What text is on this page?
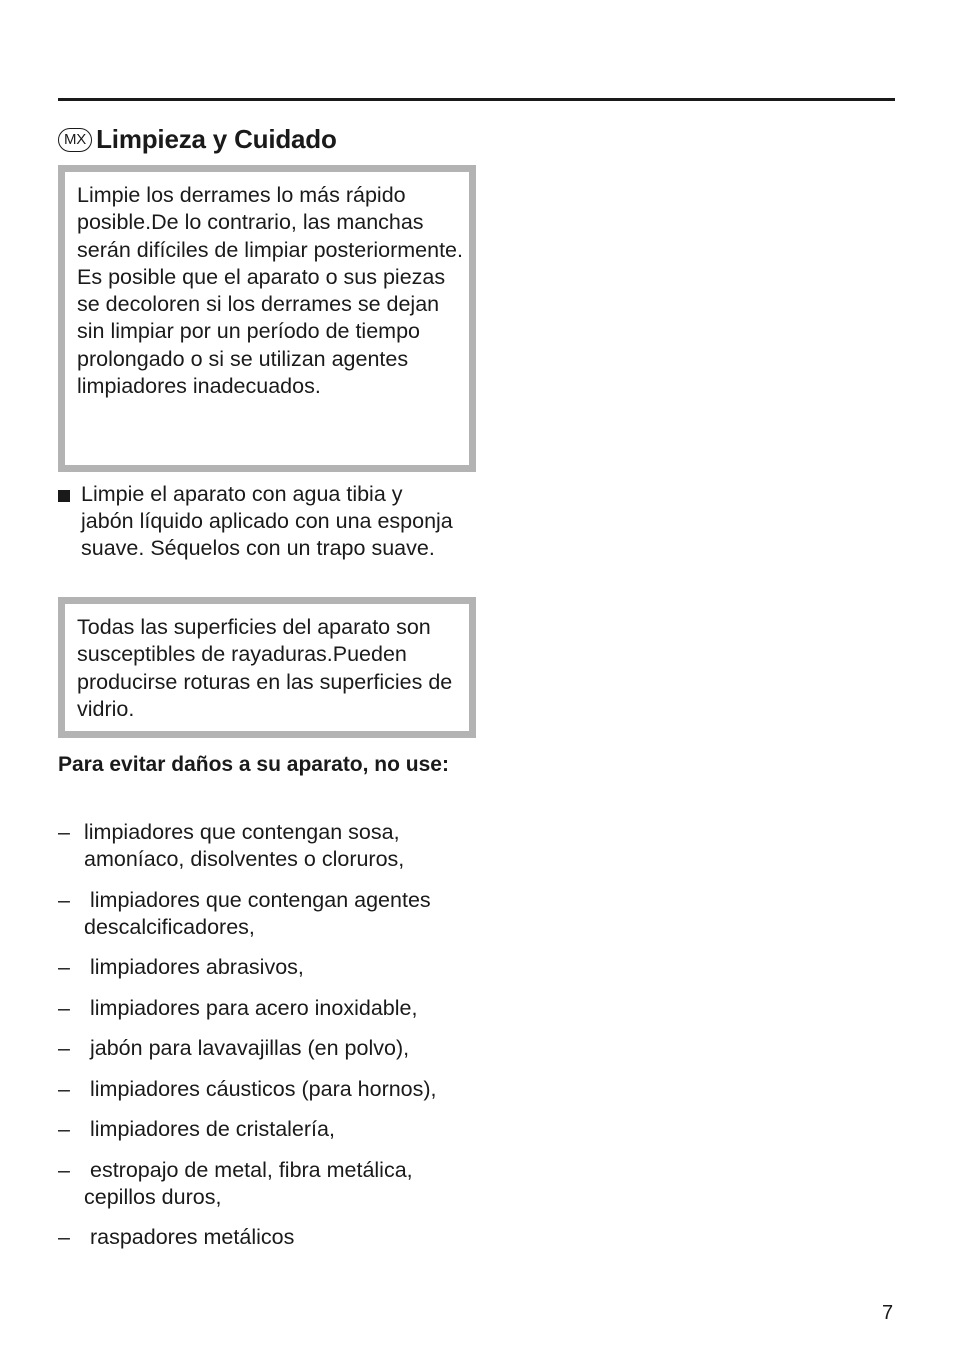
MX Limpieza y Cuidado

Limpie los derrames lo más rápido posible.De lo contrario, las manchas serán difíciles de limpiar posteriormente.

Es posible que el aparato o sus piezas se decoloren si los derrames se dejan sin limpiar por un período de tiempo prolongado o si se utilizan agentes limpiadores inadecuados.

Limpie el aparato con agua tibia y jabón líquido aplicado con una esponja suave. Séquelos con un trapo suave.

Todas las superficies del aparato son susceptibles de rayaduras.Pueden producirse roturas en las superficies de vidrio.

Para evitar daños a su aparato, no use:
– limpiadores que contengan sosa, amoníaco, disolventes o cloruros,
– limpiadores que contengan agentes descalcificadores,
– limpiadores abrasivos,
– limpiadores para acero inoxidable,
– jabón para lavavajillas (en polvo),
– limpiadores cáusticos (para hornos),
– limpiadores de cristalería,
– estropajo de metal, fibra metálica, cepillos duros,
– raspadores metálicos
7
